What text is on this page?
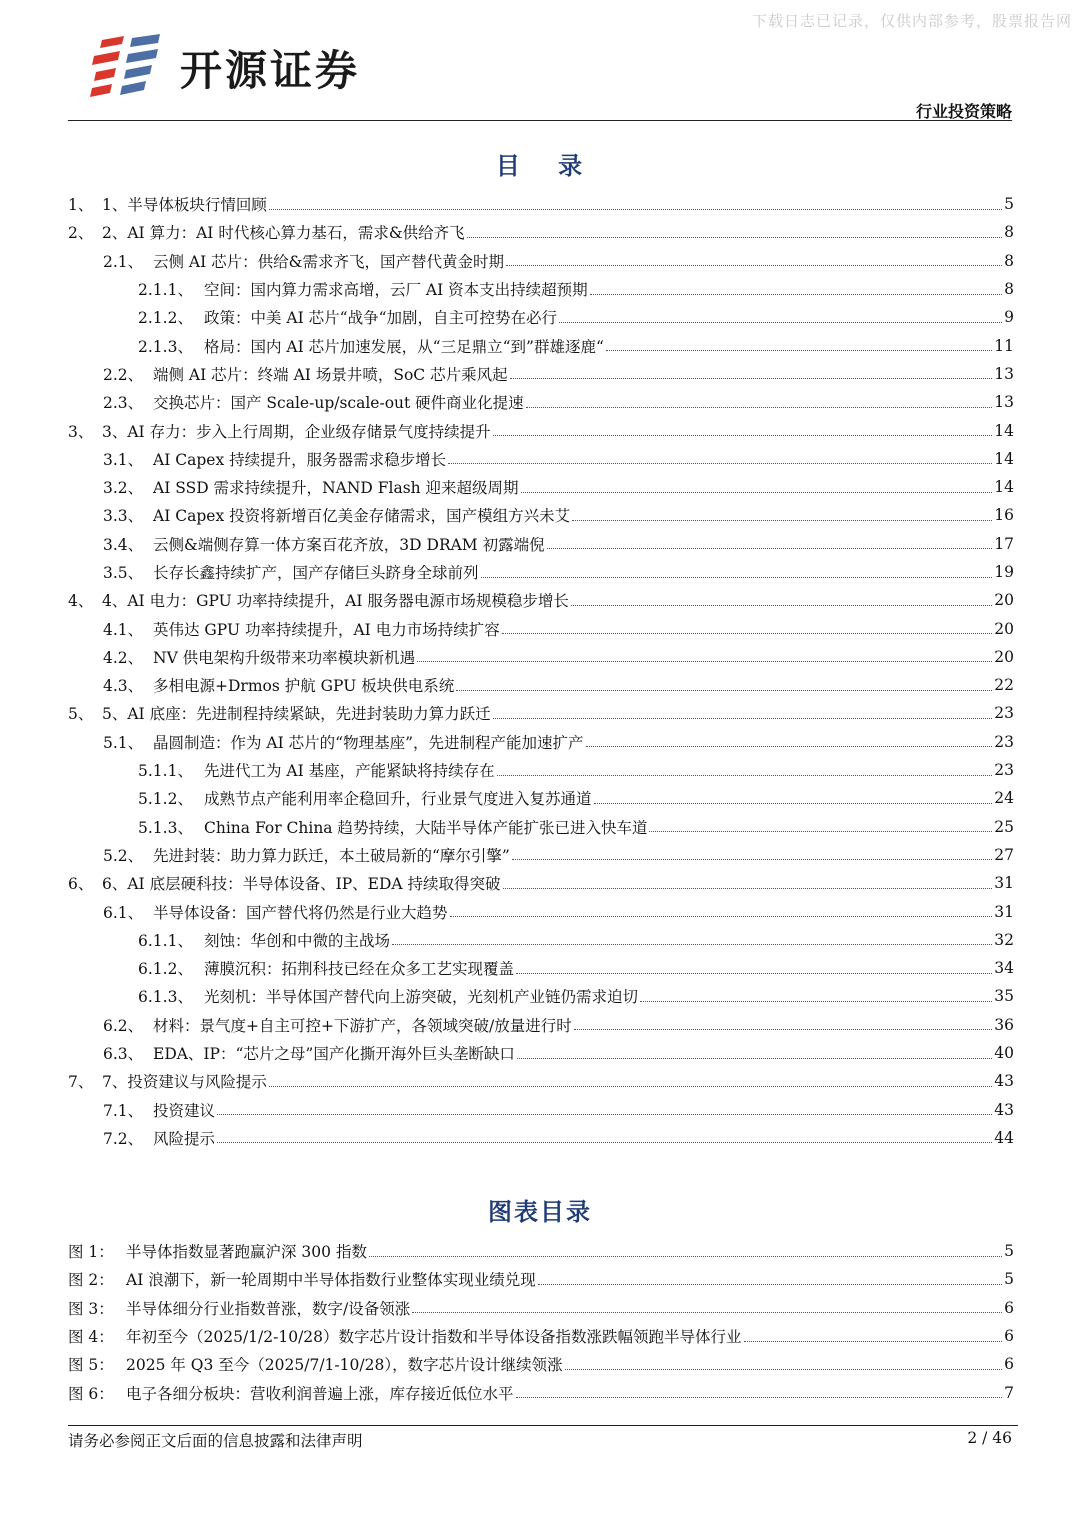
下载日志已记录，仅供内部参考，股票报告网
开源证券
行业投资策略
目 录
1、 1、半导体板块行情回顾	5
2、 2、AI 算力：AI 时代核心算力基石，需求&供给齐飞	8
2.1、 云侧 AI 芯片：供给&需求齐飞，国产替代黄金时期	8
2.1.1、 空间：国内算力需求高增，云厂 AI 资本支出持续超预期	8
2.1.2、 政策：中美 AI 芯片“战争“加剧，自主可控势在必行	9
2.1.3、 格局：国内 AI 芯片加速发展，从“三足鼎立“到”群雄逐鹿“	11
2.2、 端侧 AI 芯片：终端 AI 场景井喷，SoC 芯片乘风起	13
2.3、 交换芯片：国产 Scale-up/scale-out 硬件商业化提速	13
3、 3、AI 存力：步入上行周期，企业级存储景气度持续提升	14
3.1、 AI Capex 持续提升，服务器需求稳步增长	14
3.2、 AI SSD 需求持续提升，NAND Flash 迎来超级周期	14
3.3、 AI Capex 投资将新增百亿美金存储需求，国产模组方兴未艾	16
3.4、 云侧&端侧存算一体方案百花齐放，3D DRAM 初露端倪	17
3.5、 长存长鑫持续扩产，国产存储巨头跻身全球前列	19
4、 4、AI 电力：GPU 功率持续提升，AI 服务器电源市场规模稳步增长	20
4.1、 英伟达 GPU 功率持续提升，AI 电力市场持续扩容	20
4.2、 NV 供电架构升级带来功率模块新机遇	20
4.3、 多相电源+Drmos 护航 GPU 板块供电系统	22
5、 5、AI 底座：先进制程持续紧缺，先进封装助力算力跃迁	23
5.1、 晶圆制造：作为 AI 芯片的“物理基座”，先进制程产能加速扩产	23
5.1.1、 先进代工为 AI 基座，产能紧缺将持续存在	23
5.1.2、 成熟节点产能利用率企稳回升，行业景气度进入复苏通道	24
5.1.3、 China For China 趋势持续，大陆半导体产能扩张已进入快车道	25
5.2、 先进封装：助力算力跃迁，本土破局新的“摩尔引擎”	27
6、 6、AI 底层硬科技：半导体设备、IP、EDA 持续取得突破	31
6.1、 半导体设备：国产替代将仍然是行业大趋势	31
6.1.1、 刻蚀：华创和中微的主战场	32
6.1.2、 薄膜沉积：拓荆科技已经在众多工艺实现覆盖	34
6.1.3、 光刻机：半导体国产替代向上游突破，光刻机产业链仍需求迫切	35
6.2、 材料：景气度+自主可控+下游扩产，各领域突破/放量进行时	36
6.3、 EDA、IP：“芯片之母”国产化撕开海外巨头垄断缺口	40
7、 7、投资建议与风险提示	43
7.1、 投资建议	43
7.2、 风险提示	44
图表目录
图 1： 半导体指数显著跑赢沪深 300 指数	5
图 2： AI 浪潮下，新一轮周期中半导体指数行业整体实现业绩兑现	5
图 3： 半导体细分行业指数普涨，数字/设备领涨	6
图 4： 年初至今（2025/1/2-10/28）数字芯片设计指数和半导体设备指数涨跌幅领跑半导体行业	6
图 5： 2025 年 Q3 至今（2025/7/1-10/28），数字芯片设计继续领涨	6
图 6： 电子各细分板块：营收利润普遍上涨，库存接近低位水平	7
请务必参阅正文后面的信息披露和法律声明	2 / 46
